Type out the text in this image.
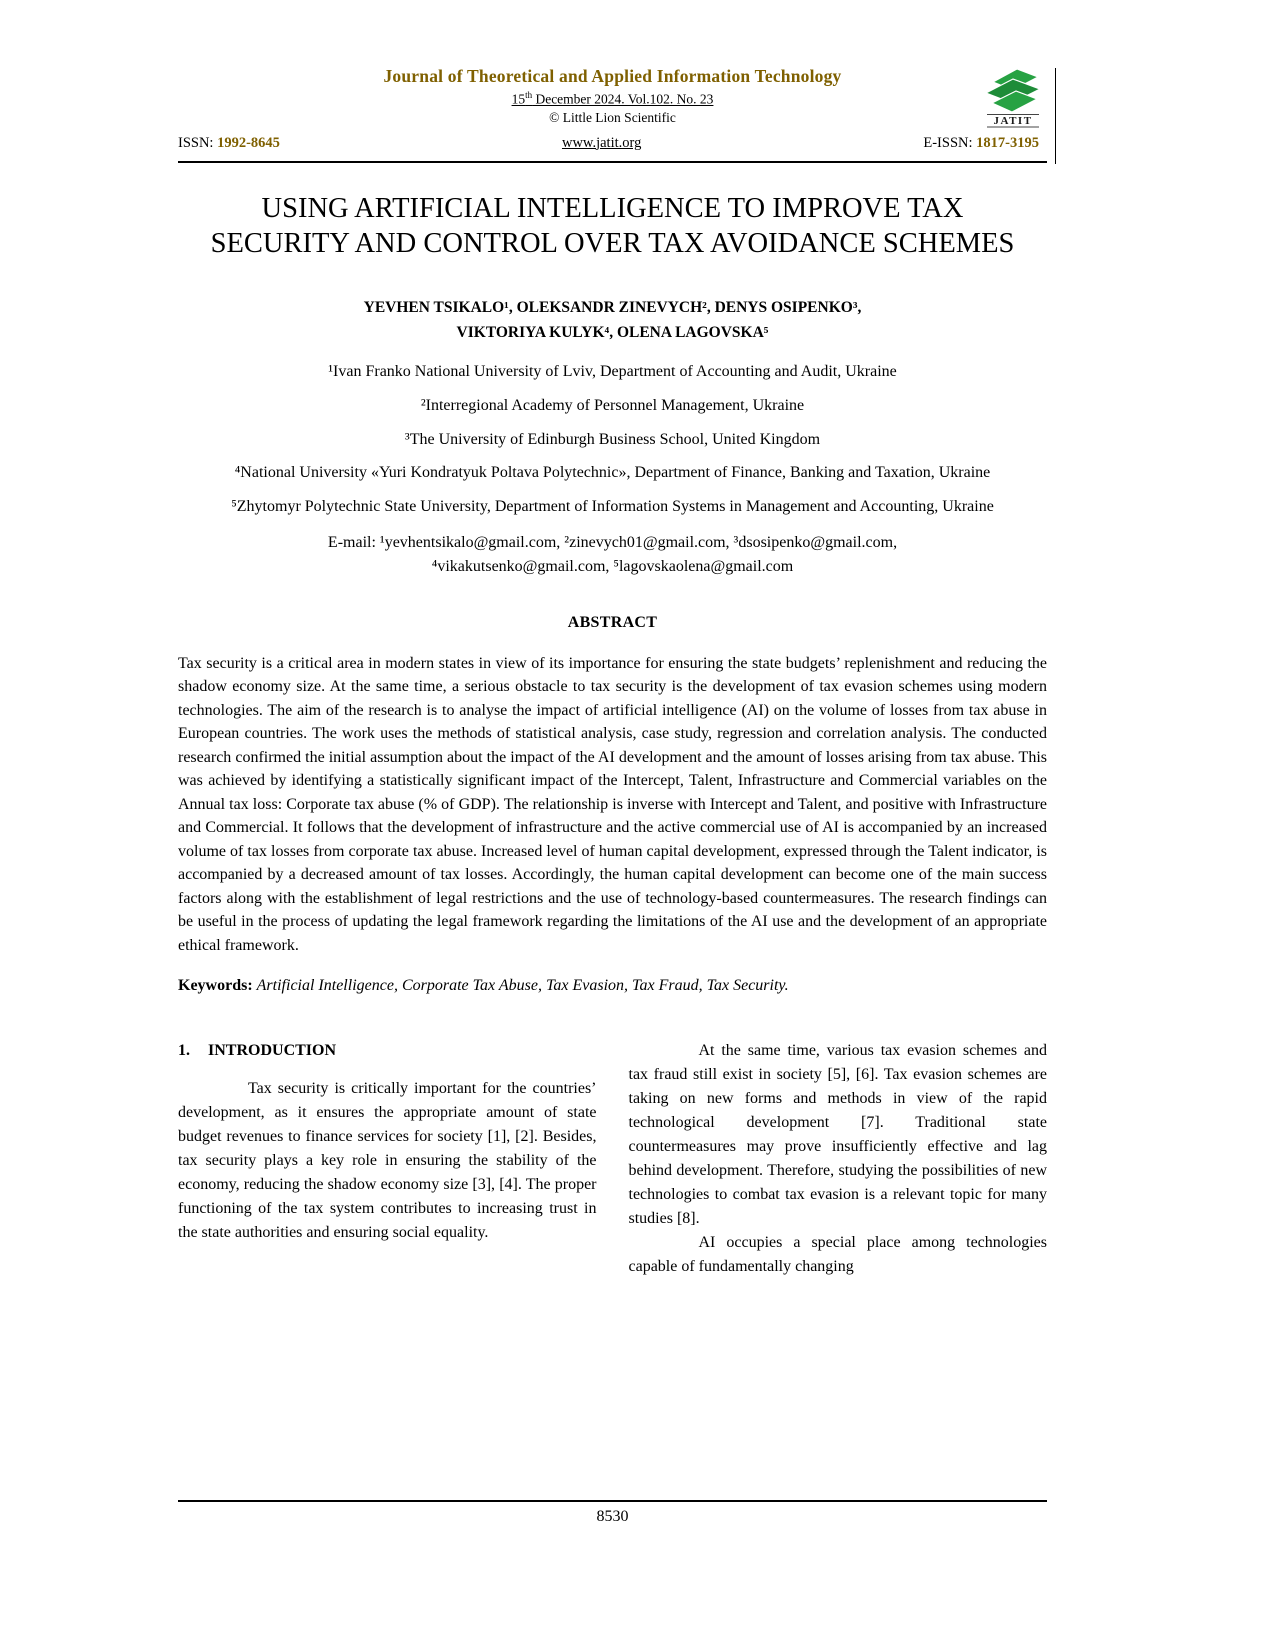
Journal of Theoretical and Applied Information Technology
15th December 2024. Vol.102. No. 23
© Little Lion Scientific	JATIT
ISSN: 1992-8645	www.jatit.org	E-ISSN: 1817-3195
USING ARTIFICIAL INTELLIGENCE TO IMPROVE TAX SECURITY AND CONTROL OVER TAX AVOIDANCE SCHEMES
YEVHEN TSIKALO¹, OLEKSANDR ZINEVYCH², DENYS OSIPENKO³,
VIKTORIYA KULYK⁴, OLENA LAGOVSKA⁵
¹Ivan Franko National University of Lviv, Department of Accounting and Audit, Ukraine
²Interregional Academy of Personnel Management, Ukraine
³The University of Edinburgh Business School, United Kingdom
⁴National University «Yuri Kondratyuk Poltava Polytechnic», Department of Finance, Banking and Taxation, Ukraine
⁵Zhytomyr Polytechnic State University, Department of Information Systems in Management and Accounting, Ukraine
E-mail: ¹yevhentsikalo@gmail.com, ²zinevych01@gmail.com, ³dsosipenko@gmail.com,
⁴vikakutsenko@gmail.com, ⁵lagovskaolena@gmail.com
ABSTRACT
Tax security is a critical area in modern states in view of its importance for ensuring the state budgets’ replenishment and reducing the shadow economy size. At the same time, a serious obstacle to tax security is the development of tax evasion schemes using modern technologies. The aim of the research is to analyse the impact of artificial intelligence (AI) on the volume of losses from tax abuse in European countries. The work uses the methods of statistical analysis, case study, regression and correlation analysis. The conducted research confirmed the initial assumption about the impact of the AI development and the amount of losses arising from tax abuse. This was achieved by identifying a statistically significant impact of the Intercept, Talent, Infrastructure and Commercial variables on the Annual tax loss: Corporate tax abuse (% of GDP). The relationship is inverse with Intercept and Talent, and positive with Infrastructure and Commercial. It follows that the development of infrastructure and the active commercial use of AI is accompanied by an increased volume of tax losses from corporate tax abuse. Increased level of human capital development, expressed through the Talent indicator, is accompanied by a decreased amount of tax losses. Accordingly, the human capital development can become one of the main success factors along with the establishment of legal restrictions and the use of technology-based countermeasures. The research findings can be useful in the process of updating the legal framework regarding the limitations of the AI use and the development of an appropriate ethical framework.
Keywords: Artificial Intelligence, Corporate Tax Abuse, Tax Evasion, Tax Fraud, Tax Security.
1. INTRODUCTION

Tax security is critically important for the countries’ development, as it ensures the appropriate amount of state budget revenues to finance services for society [1], [2]. Besides, tax security plays a key role in ensuring the stability of the economy, reducing the shadow economy size [3], [4]. The proper functioning of the tax system contributes to increasing trust in the state authorities and ensuring social equality.

At the same time, various tax evasion schemes and tax fraud still exist in society [5], [6]. Tax evasion schemes are taking on new forms and methods in view of the rapid technological development [7]. Traditional state countermeasures may prove insufficiently effective and lag behind development. Therefore, studying the possibilities of new technologies to combat tax evasion is a relevant topic for many studies [8].

AI occupies a special place among technologies capable of fundamentally changing

8530
